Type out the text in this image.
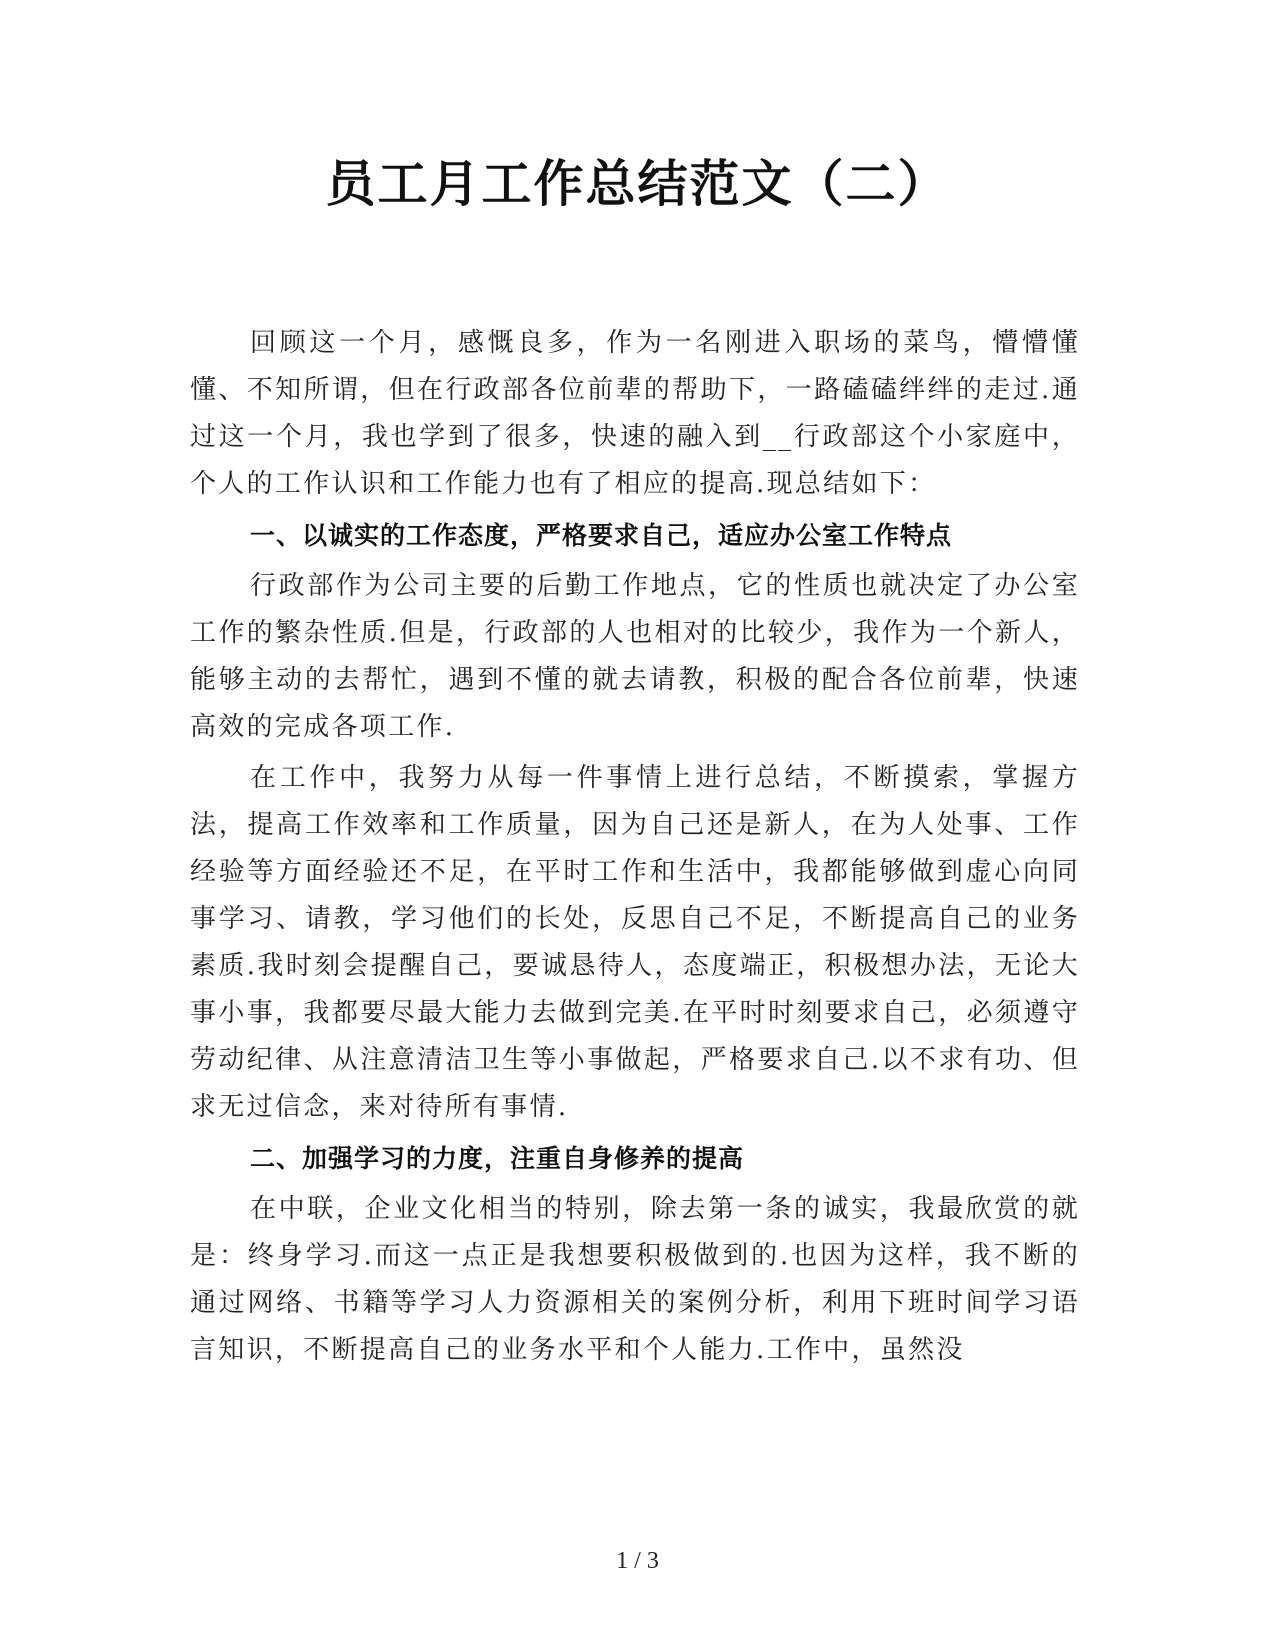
员工月工作总结范文（二）

回顾这一个月，感慨良多，作为一名刚进入职场的菜鸟，懵懵懂懂、不知所谓，但在行政部各位前辈的帮助下，一路磕磕绊绊的走过.通过这一个月，我也学到了很多，快速的融入到__行政部这个小家庭中，个人的工作认识和工作能力也有了相应的提高.现总结如下：

一、以诚实的工作态度，严格要求自己，适应办公室工作特点

行政部作为公司主要的后勤工作地点，它的性质也就决定了办公室工作的繁杂性质.但是，行政部的人也相对的比较少，我作为一个新人，能够主动的去帮忙，遇到不懂的就去请教，积极的配合各位前辈，快速高效的完成各项工作.

在工作中，我努力从每一件事情上进行总结，不断摸索，掌握方法，提高工作效率和工作质量，因为自己还是新人，在为人处事、工作经验等方面经验还不足，在平时工作和生活中，我都能够做到虚心向同事学习、请教，学习他们的长处，反思自己不足，不断提高自己的业务素质.我时刻会提醒自己，要诚恳待人，态度端正，积极想办法，无论大事小事，我都要尽最大能力去做到完美.在平时时刻要求自己，必须遵守劳动纪律、从注意清洁卫生等小事做起，严格要求自己.以不求有功、但求无过信念，来对待所有事情.

二、加强学习的力度，注重自身修养的提高

在中联，企业文化相当的特别，除去第一条的诚实，我最欣赏的就是：终身学习.而这一点正是我想要积极做到的.也因为这样，我不断的通过网络、书籍等学习人力资源相关的案例分析，利用下班时间学习语言知识，不断提高自己的业务水平和个人能力.工作中，虽然没

1 / 3
